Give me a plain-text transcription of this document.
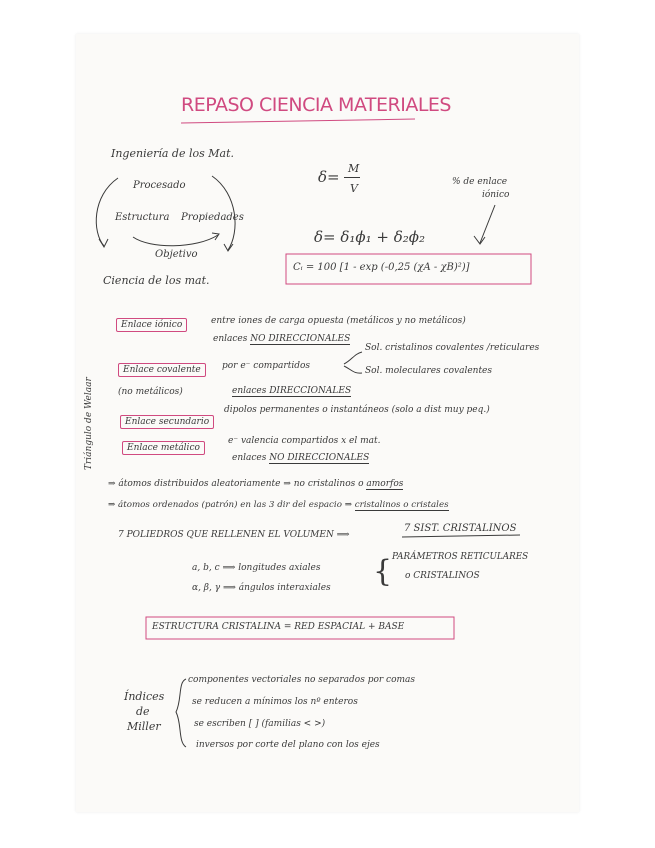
REPASO CIENCIA MATERIALES
Ingeniería de los Mat.
Procesado
Estructura Propiedades
Objetivo
Ciencia de los mat.
δ= M
V	% de enlace
iónico
δ= δ₁ϕ₁ + δ₂ϕ₂
Cᵢ = 100 [1 - exp (-0,25 (χA - χB)²)]
Triángulo de Welaar
Enlace iónico	entre iones de carga opuesta (metálicos y no metálicos)
enlaces NO DIRECCIONALES
Enlace covalente
(no metálicos)
por e⁻ compartidos
Sol. cristalinos covalentes /reticulares
Sol. moleculares covalentes
enlaces DIRECCIONALES
Enlace secundario
dipolos permanentes o instantáneos (solo a dist muy peq.)
Enlace metálico
e⁻ valencia compartidos x el mat.
enlaces NO DIRECCIONALES
⇒ átomos distribuidos aleatoriamente ⇒ no cristalinos o amorfos
⇒ átomos ordenados (patrón) en las 3 dir del espacio ⇒ cristalinos o cristales
7 POLIEDROS QUE RELLENEN EL VOLUMEN ⟹
7 SIST. CRISTALINOS
a, b, c ⟹ longitudes axiales
α, β, γ ⟹ ángulos interaxiales { PARÁMETROS RETICULARES
o CRISTALINOS
ESTRUCTURA CRISTALINA = RED ESPACIAL + BASE
Índices
de
Miller
componentes vectoriales no separados por comas
se reducen a mínimos los nº enteros
se escriben [ ] (familias < >)
inversos por corte del plano con los ejes
